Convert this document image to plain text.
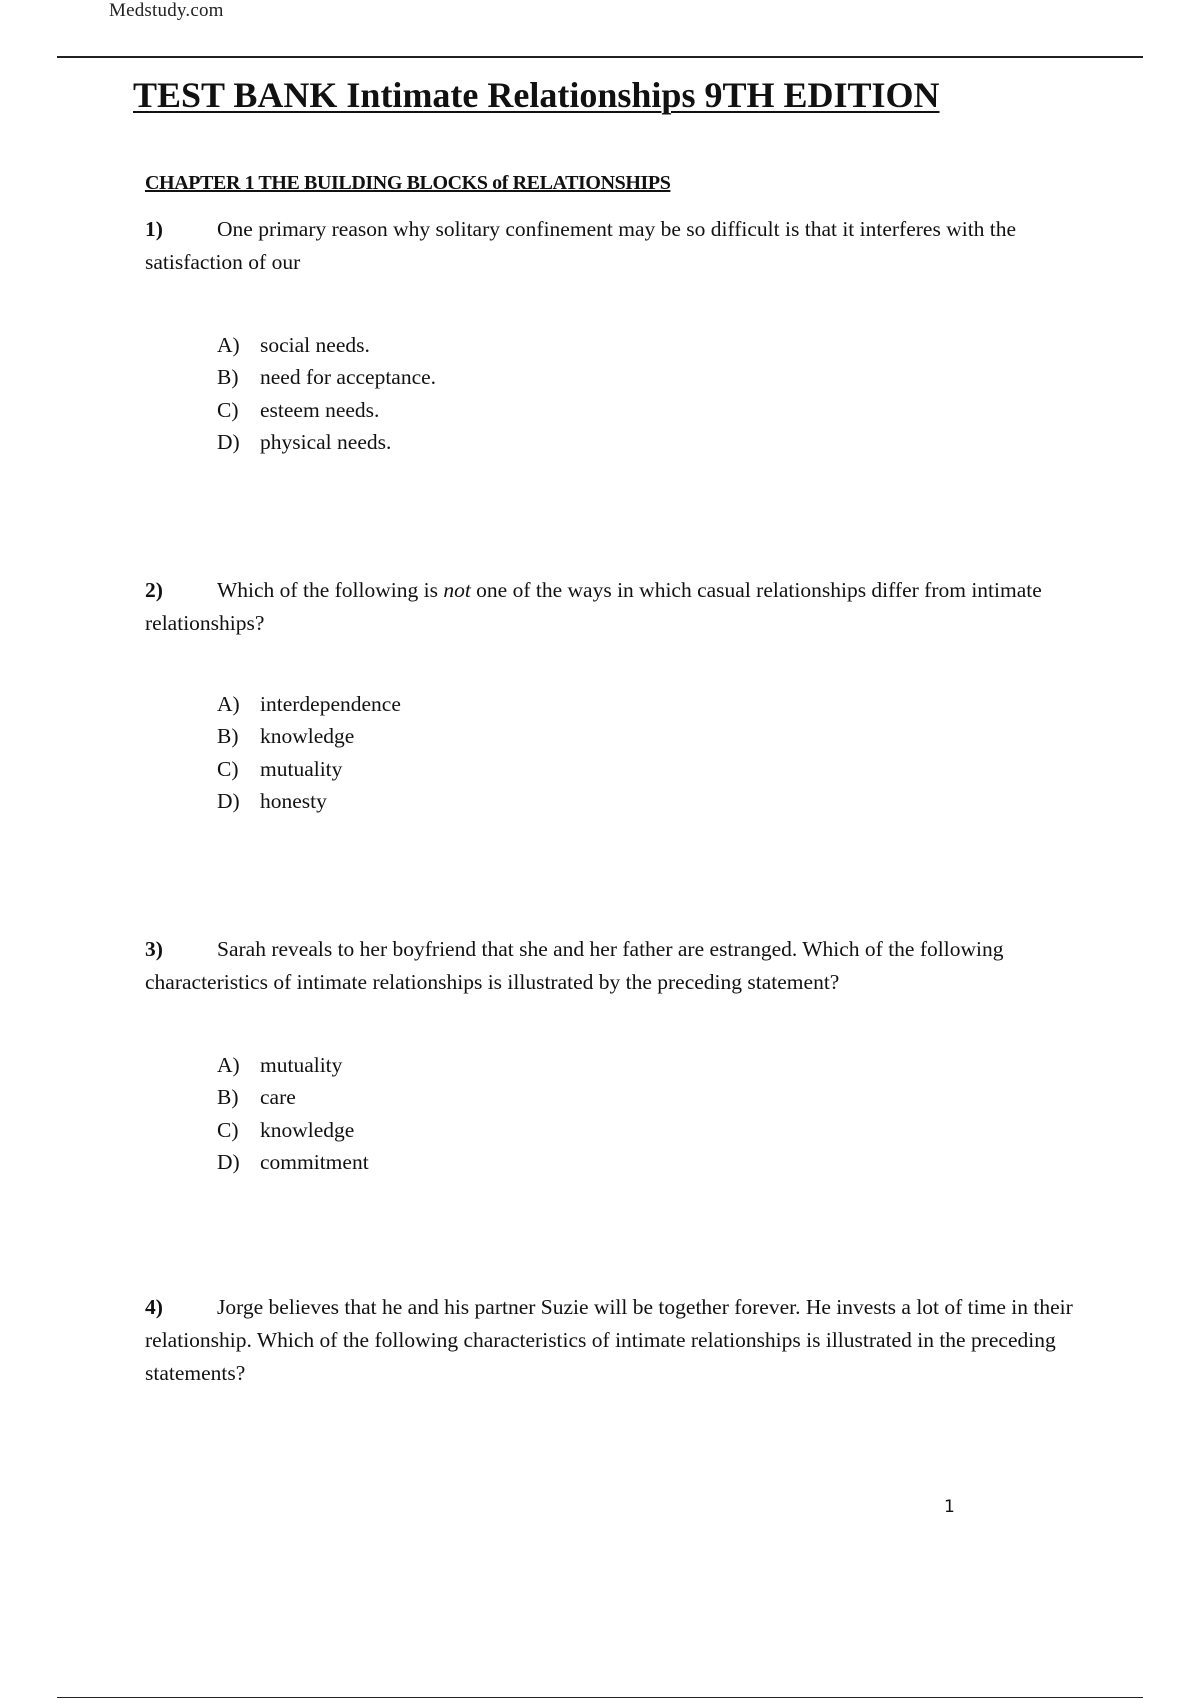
Medstudy.com
TEST BANK Intimate Relationships 9TH EDITION
CHAPTER 1 THE BUILDING BLOCKS of RELATIONSHIPS

1)	One primary reason why solitary confinement may be so difficult is that it interferes with the satisfaction of our

A) social needs.
B) need for acceptance.
C) esteem needs.
D) physical needs.

2)	Which of the following is not one of the ways in which casual relationships differ from intimate relationships?

A) interdependence
B) knowledge
C) mutuality
D) honesty

3)	Sarah reveals to her boyfriend that she and her father are estranged. Which of the following characteristics of intimate relationships is illustrated by the preceding statement?

A) mutuality
B) care
C) knowledge
D) commitment

4)	Jorge believes that he and his partner Suzie will be together forever. He invests a lot of time in their relationship. Which of the following characteristics of intimate relationships is illustrated in the preceding statements?

1
